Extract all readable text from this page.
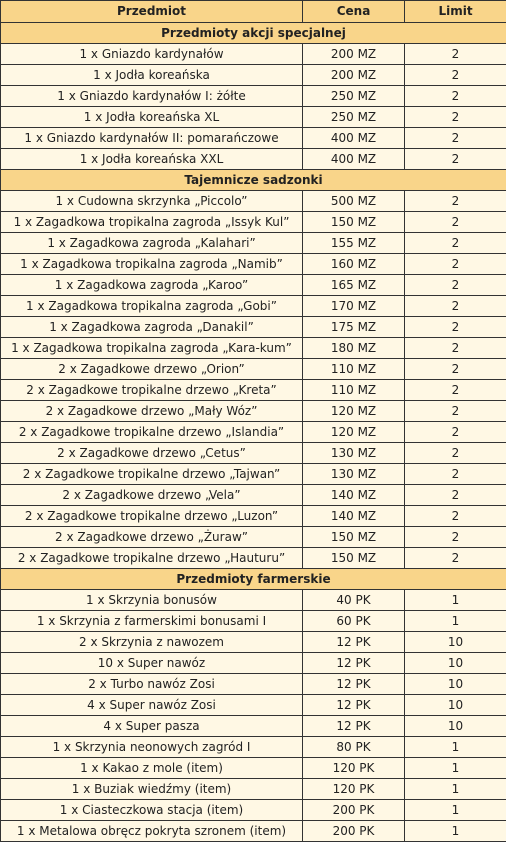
Przedmiot	Cena	Limit
Przedmioty akcji specjalnej		
1 x Gniazdo kardynałów	200 MZ	2
1 x Jodła koreańska	200 MZ	2
1 x Gniazdo kardynałów I: żółte	250 MZ	2
1 x Jodła koreańska XL	250 MZ	2
1 x Gniazdo kardynałów II: pomarańczowe	400 MZ	2
1 x Jodła koreańska XXL	400 MZ	2
Tajemnicze sadzonki		
1 x Cudowna skrzynka „Piccolo”	500 MZ	2
1 x Zagadkowa tropikalna zagroda „Issyk Kul”	150 MZ	2
1 x Zagadkowa zagroda „Kalahari”	155 MZ	2
1 x Zagadkowa tropikalna zagroda „Namib”	160 MZ	2
1 x Zagadkowa zagroda „Karoo”	165 MZ	2
1 x Zagadkowa tropikalna zagroda „Gobi”	170 MZ	2
1 x Zagadkowa zagroda „Danakil”	175 MZ	2
1 x Zagadkowa tropikalna zagroda „Kara-kum”	180 MZ	2
2 x Zagadkowe drzewo „Orion”	110 MZ	2
2 x Zagadkowe tropikalne drzewo „Kreta”	110 MZ	2
2 x Zagadkowe drzewo „Mały Wóz”	120 MZ	2
2 x Zagadkowe tropikalne drzewo „Islandia”	120 MZ	2
2 x Zagadkowe drzewo „Cetus”	130 MZ	2
2 x Zagadkowe tropikalne drzewo „Tajwan”	130 MZ	2
2 x Zagadkowe drzewo „Vela”	140 MZ	2
2 x Zagadkowe tropikalne drzewo „Luzon”	140 MZ	2
2 x Zagadkowe drzewo „Żuraw”	150 MZ	2
2 x Zagadkowe tropikalne drzewo „Hauturu”	150 MZ	2
Przedmioty farmerskie		
1 x Skrzynia bonusów	40 PK	1
1 x Skrzynia z farmerskimi bonusami I	60 PK	1
2 x Skrzynia z nawozem	12 PK	10
10 x Super nawóz	12 PK	10
2 x Turbo nawóz Zosi	12 PK	10
4 x Super nawóz Zosi	12 PK	10
4 x Super pasza	12 PK	10
1 x Skrzynia neonowych zagród I	80 PK	1
1 x Kakao z mole (item)	120 PK	1
1 x Buziak wiedźmy (item)	120 PK	1
1 x Ciasteczkowa stacja (item)	200 PK	1
1 x Metalowa obręcz pokryta szronem (item)	200 PK	1
